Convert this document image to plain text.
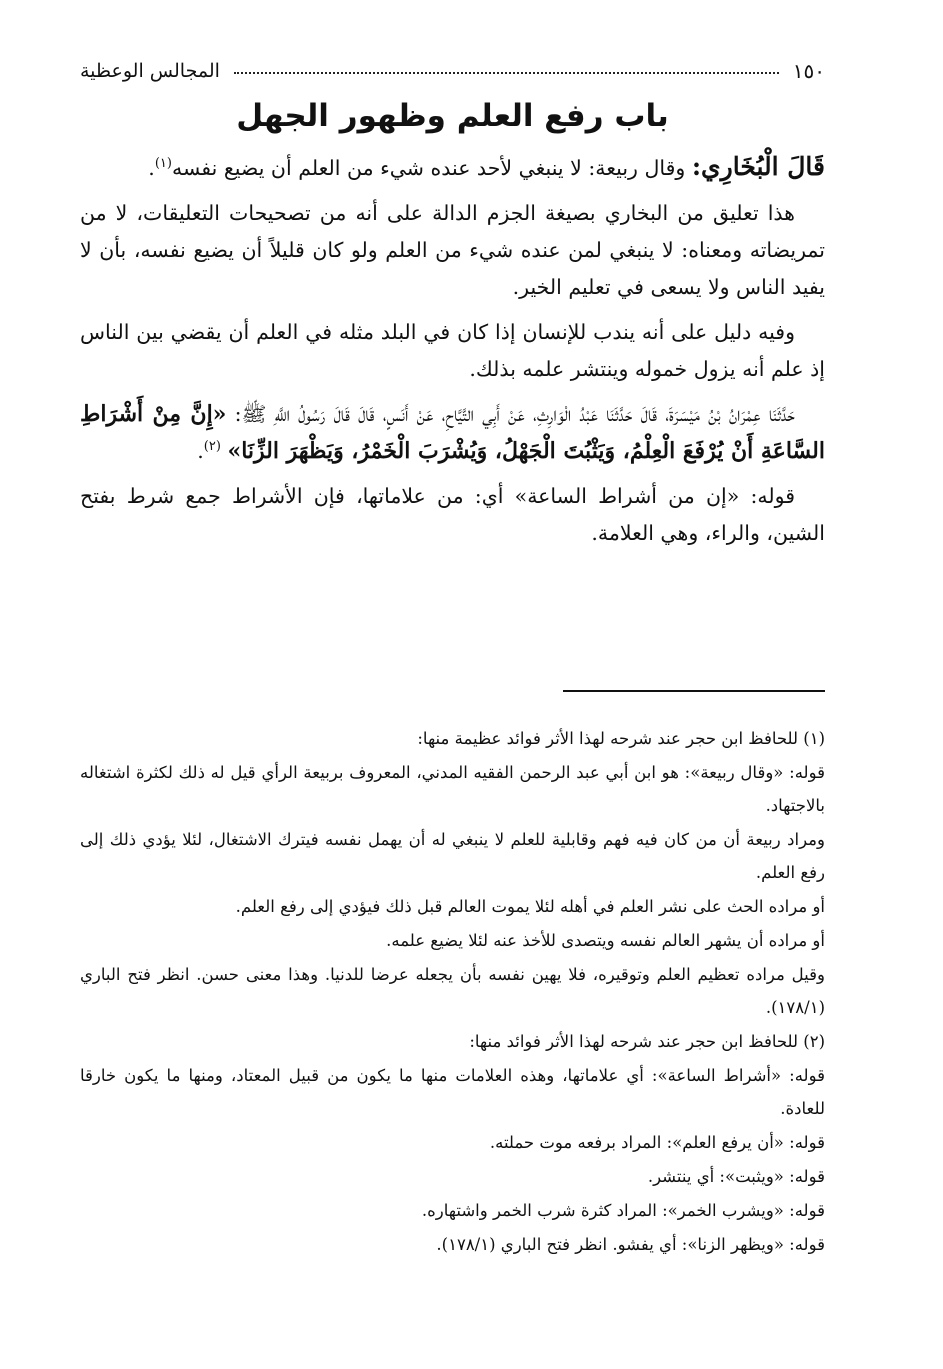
١٥٠
المجالس الوعظية
باب رفع العلم وظهور الجهل

قَالَ الْبُخَارِي: وقال ربيعة: لا ينبغي لأحد عنده شيء من العلم أن يضيع نفسه$^{(١)}$.

هذا تعليق من البخاري بصيغة الجزم الدالة على أنه من تصحيحات التعليقات، لا من تمريضاته ومعناه: لا ينبغي لمن عنده شيء من العلم ولو كان قليلاً أن يضيع نفسه، بأن لا يفيد الناس ولا يسعى في تعليم الخير.

وفيه دليل على أنه يندب للإنسان إذا كان في البلد مثله في العلم أن يقضي بين الناس إذ علم أنه يزول خموله وينتشر علمه بذلك.

حَدَّثَنَا عِمْرَانُ بْنُ مَيْسَرَةَ، قَالَ حَدَّثَنَا عَبْدُ الْوَارِثِ، عَنْ أَبِي التَّيَّاحِ، عَنْ أَنَسٍ، قَالَ قَالَ رَسُولُ اللَّهِ ﷺ: «إِنَّ مِنْ أَشْرَاطِ السَّاعَةِ أَنْ يُرْفَعَ الْعِلْمُ، وَيَثْبُتَ الْجَهْلُ، وَيُشْرَبَ الْخَمْرُ، وَيَظْهَرَ الزِّنَا» $^{(٢)}$.

قوله: «إن من أشراط الساعة» أي: من علاماتها، فإن الأشراط جمع شرط بفتح الشين، والراء، وهي العلامة.

(١) للحافظ ابن حجر عند شرحه لهذا الأثر فوائد عظيمة منها:

قوله: «وقال ربيعة»: هو ابن أبي عبد الرحمن الفقيه المدني، المعروف بربيعة الرأي قيل له ذلك لكثرة اشتغاله بالاجتهاد.

ومراد ربيعة أن من كان فيه فهم وقابلية للعلم لا ينبغي له أن يهمل نفسه فيترك الاشتغال، لئلا يؤدي ذلك إلى رفع العلم.

أو مراده الحث على نشر العلم في أهله لئلا يموت العالم قبل ذلك فيؤدي إلى رفع العلم.

أو مراده أن يشهر العالم نفسه ويتصدى للأخذ عنه لئلا يضيع علمه.

وقيل مراده تعظيم العلم وتوقيره، فلا يهين نفسه بأن يجعله عرضا للدنيا. وهذا معنى حسن. انظر فتح الباري (١٧٨/١).

(٢) للحافظ ابن حجر عند شرحه لهذا الأثر فوائد منها:

قوله: «أشراط الساعة»: أي علاماتها، وهذه العلامات منها ما يكون من قبيل المعتاد، ومنها ما يكون خارقا للعادة.

قوله: «أن يرفع العلم»: المراد برفعه موت حملته.

قوله: «ويثبت»: أي ينتشر.

قوله: «ويشرب الخمر»: المراد كثرة شرب الخمر واشتهاره.

قوله: «ويظهر الزنا»: أي يفشو. انظر فتح الباري (١٧٨/١).
